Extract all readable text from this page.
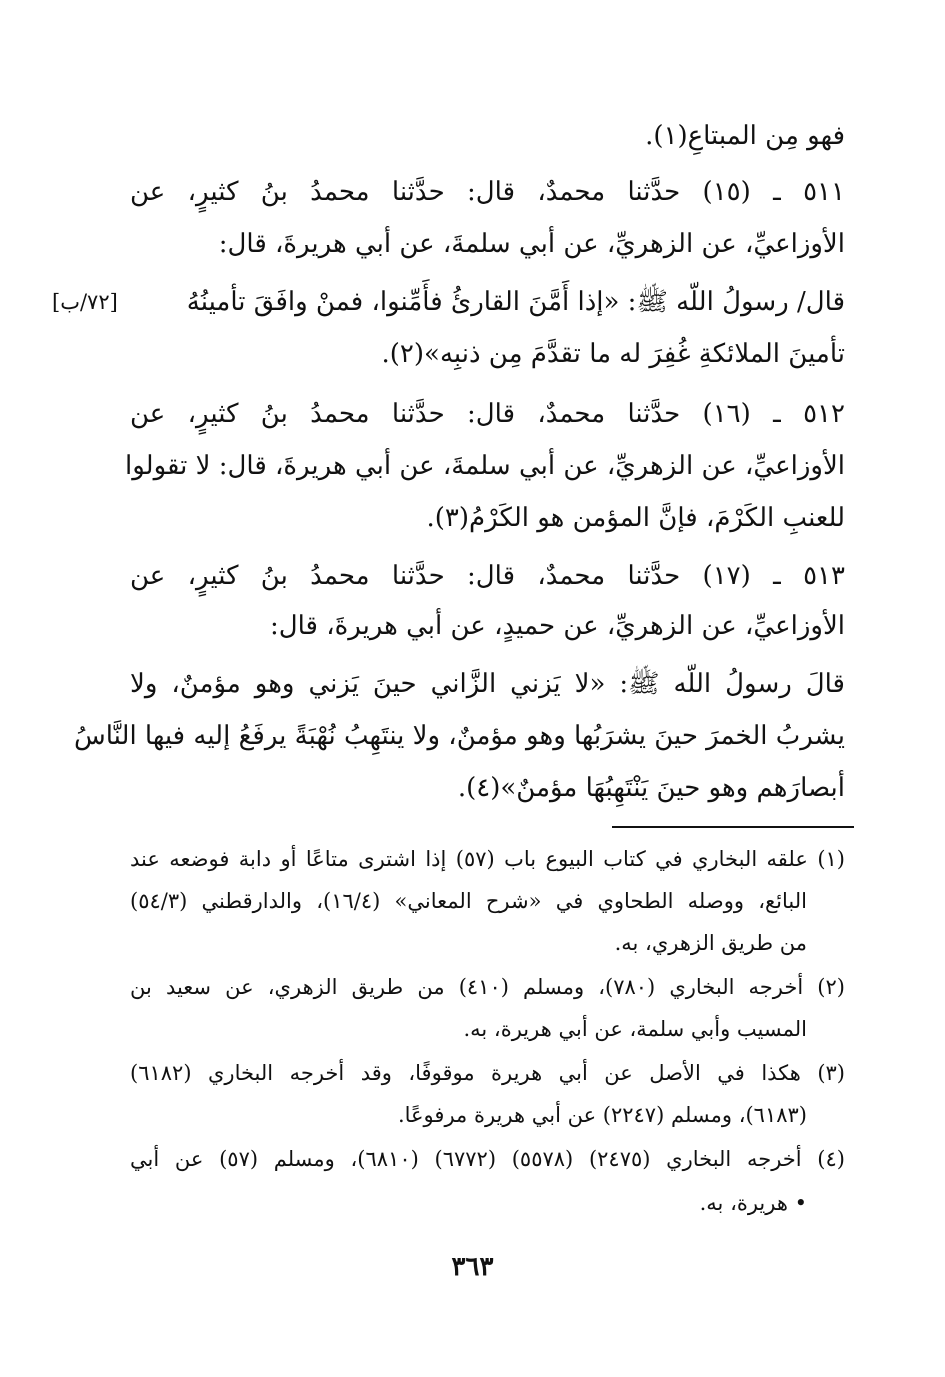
فهو مِن المبتاعِ(١).
٥١١ ـ (١٥) حدَّثنا محمدٌ، قال: حدَّثنا محمدُ بنُ كثيرٍ، عن
الأوزاعيِّ، عن الزهريِّ، عن أبي سلمةَ، عن أبي هريرةَ، قال:
قال/ رسولُ اللّه ﷺ: «إذا أَمَّنَ القارئُ فأَمِّنوا، فمنْ وافَقَ تأمينُهُ
[٧٢/ب]
تأمينَ الملائكةِ غُفِرَ له ما تقدَّمَ مِن ذنبِه»(٢).
٥١٢ ـ (١٦) حدَّثنا محمدٌ، قال: حدَّثنا محمدُ بنُ كثيرٍ، عن
الأوزاعيِّ، عن الزهريِّ، عن أبي سلمةَ، عن أبي هريرةَ، قال: لا تقولوا
للعنبِ الكَرْمَ، فإنَّ المؤمن هو الكَرْمُ(٣).
٥١٣ ـ (١٧) حدَّثنا محمدٌ، قال: حدَّثنا محمدُ بنُ كثيرٍ، عن
الأوزاعيِّ، عن الزهريِّ، عن حميدٍ، عن أبي هريرةَ، قال:
قالَ رسولُ اللّه ﷺ: «لا يَزني الزَّاني حينَ يَزني وهو مؤمنٌ، ولا
يشربُ الخمرَ حينَ يشرَبُها وهو مؤمنٌ، ولا ينتَهِبُ نُهْبَةً يرفَعُ إليه فيها النَّاسُ
أبصارَهم وهو حينَ يَنْتَهِبُهَا مؤمنٌ»(٤).
(١) علقه البخاري في كتاب البيوع باب (٥٧) إذا اشترى متاعًا أو دابة فوضعه عند
البائع، ووصله الطحاوي في «شرح المعاني» (١٦/٤)، والدارقطني (٥٤/٣)
من طريق الزهري، به.
(٢) أخرجه البخاري (٧٨٠)، ومسلم (٤١٠) من طريق الزهري، عن سعيد بن
المسيب وأبي سلمة، عن أبي هريرة، به.
(٣) هكذا في الأصل عن أبي هريرة موقوفًا، وقد أخرجه البخاري (٦١٨٢)
(٦١٨٣)، ومسلم (٢٢٤٧) عن أبي هريرة مرفوعًا.
(٤) أخرجه البخاري (٢٤٧٥) (٥٥٧٨) (٦٧٧٢) (٦٨١٠)، ومسلم (٥٧) عن أبي
• هريرة، به.
٣٦٣
